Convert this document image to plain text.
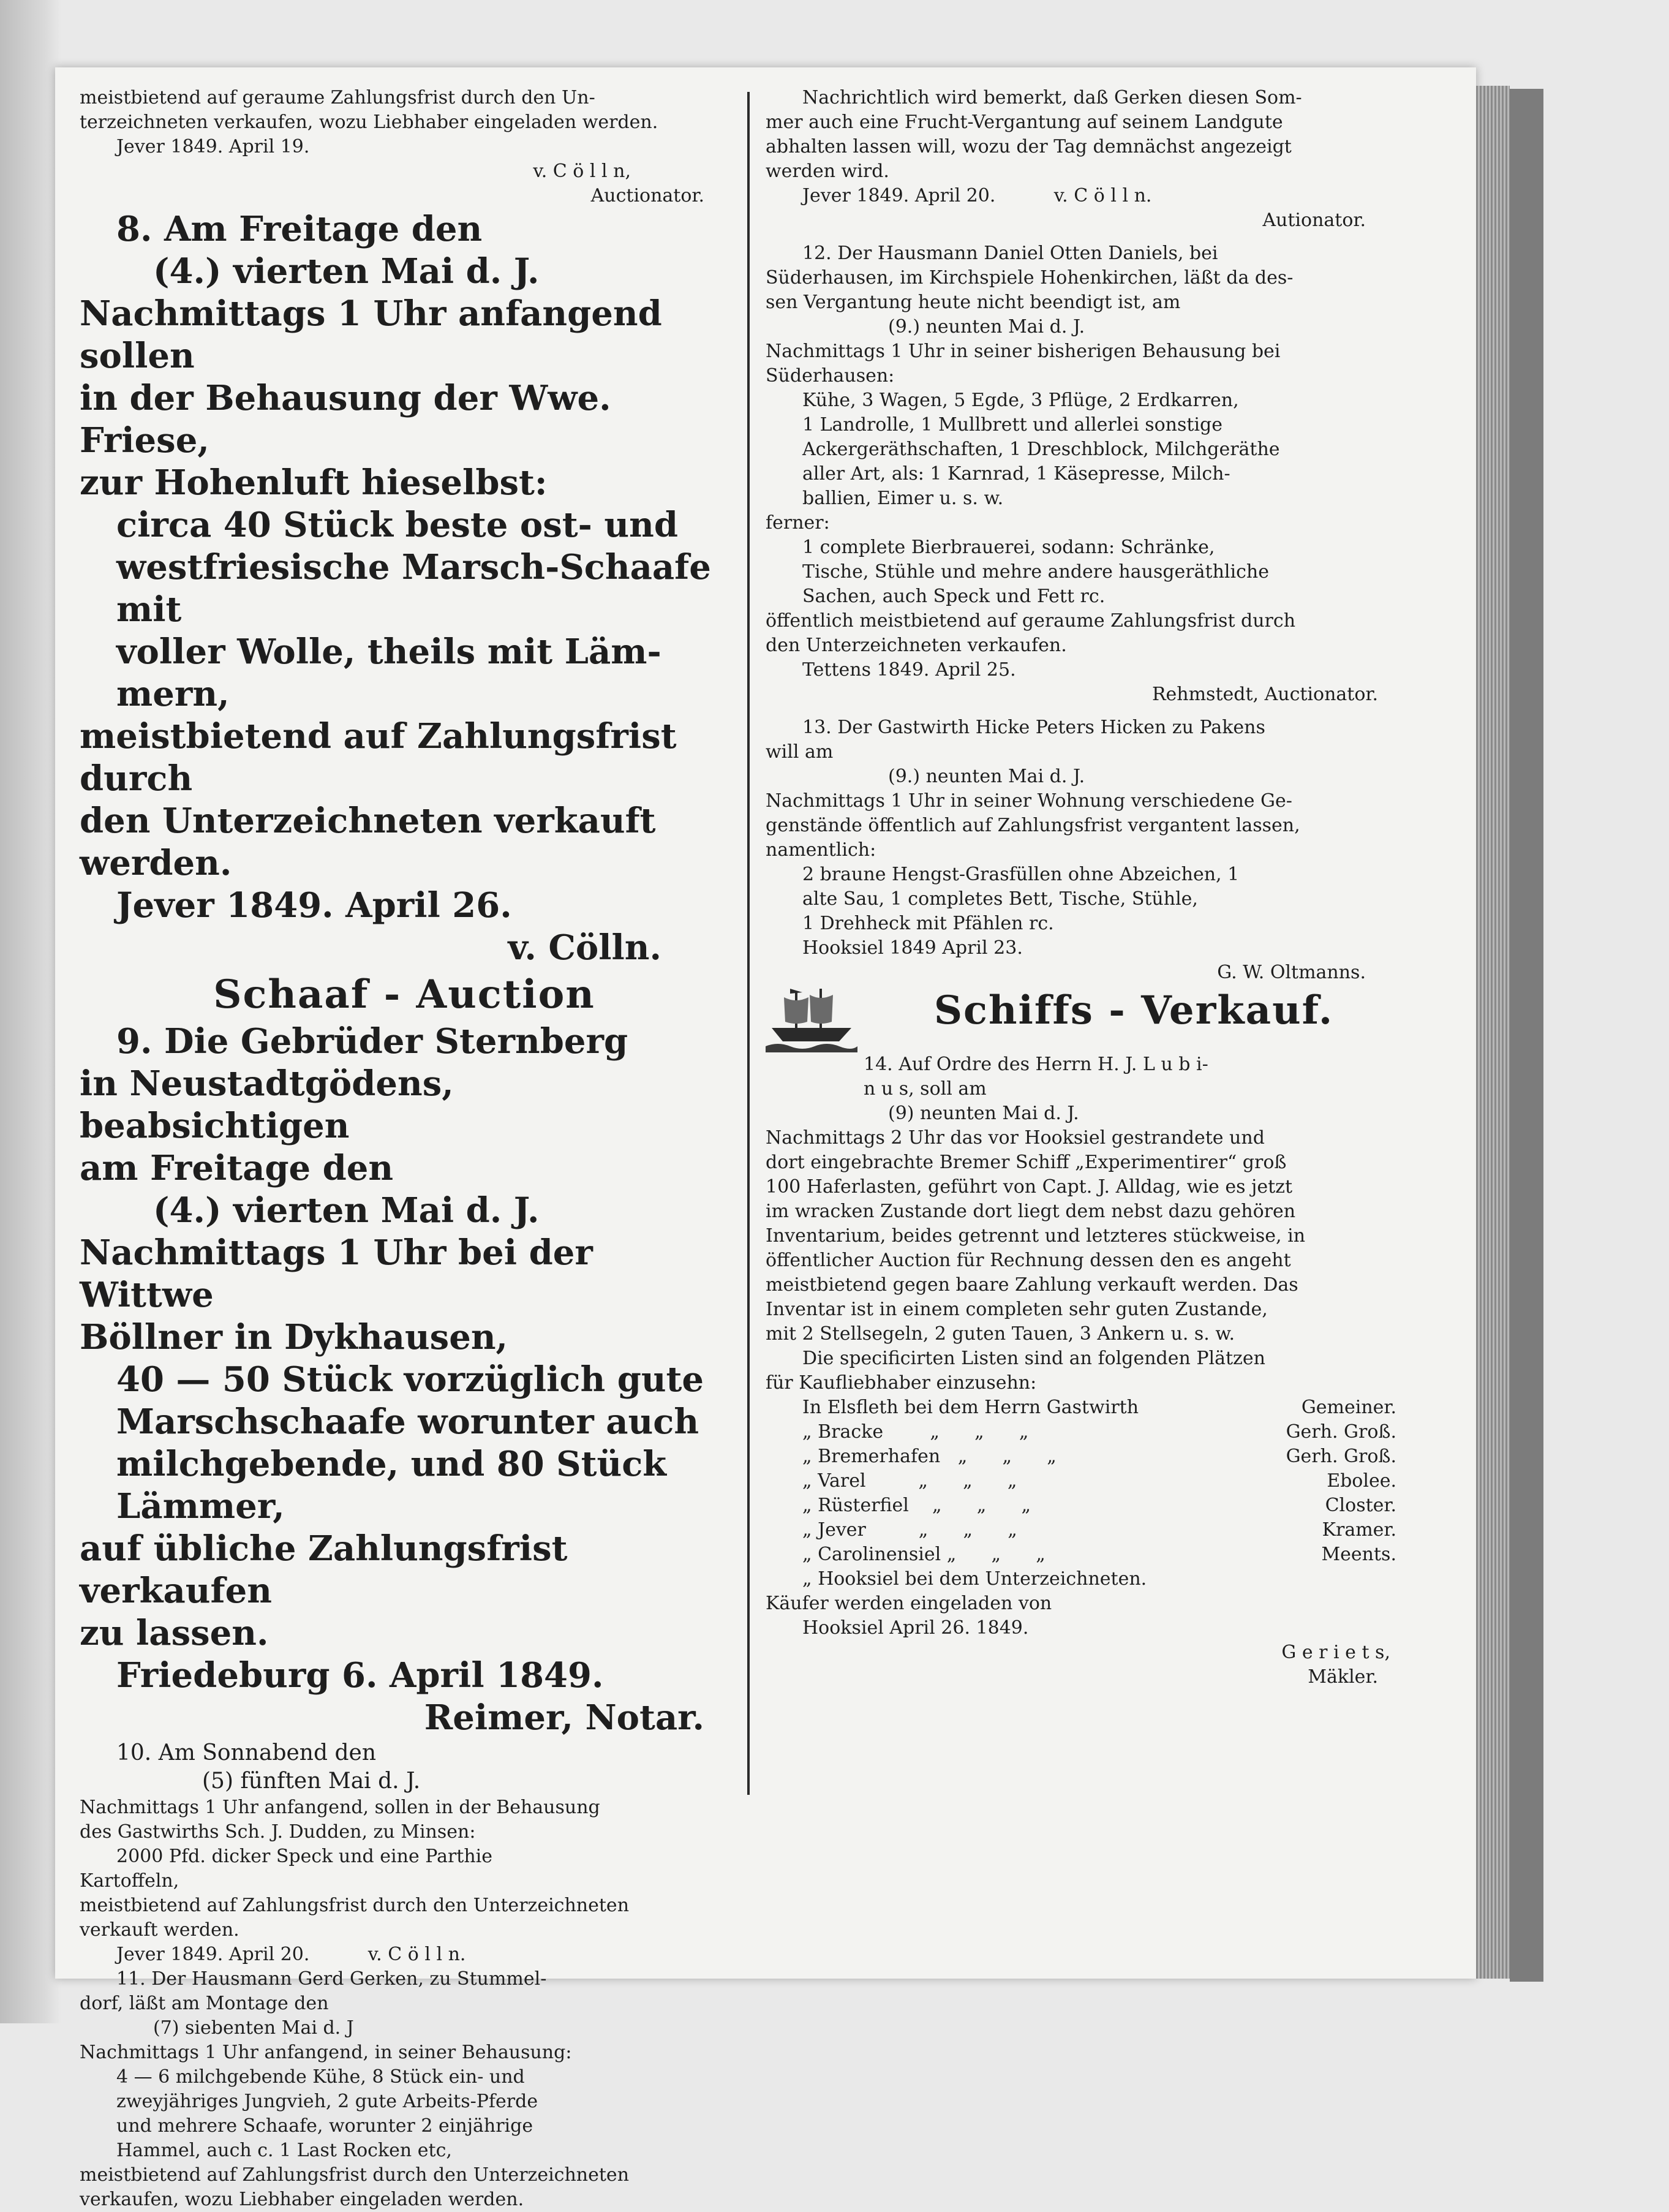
meistbietend auf geraume Zahlungsfrist durch den Un-

terzeichneten verkaufen, wozu Liebhaber eingeladen werden.

Jever 1849. April 19.

v. C ö l l n,

Auctionator.

8. Am Freitage den

(4.) vierten Mai d. J.

Nachmittags 1 Uhr anfangend sollen

in der Behausung der Wwe. Friese,

zur Hohenluft hieselbst:

circa 40 Stück beste ost- und

westfriesische Marsch-Schaafe mit

voller Wolle, theils mit Läm-

mern,

meistbietend auf Zahlungsfrist durch

den Unterzeichneten verkauft werden.

Jever 1849. April 26.

v. Cölln.

Schaaf - Auction

9. Die Gebrüder Sternberg

in Neustadtgödens, beabsichtigen

am Freitage den

(4.) vierten Mai d. J.

Nachmittags 1 Uhr bei der Wittwe

Böllner in Dykhausen,

40 — 50 Stück vorzüglich gute

Marschschaafe worunter auch

milchgebende, und 80 Stück

Lämmer,

auf übliche Zahlungsfrist verkaufen

zu lassen.

Friedeburg 6. April 1849.

Reimer, Notar.

10. Am Sonnabend den

(5) fünften Mai d. J.

Nachmittags 1 Uhr anfangend, sollen in der Behausung

des Gastwirths Sch. J. Dudden, zu Minsen:

2000 Pfd. dicker Speck und eine Parthie

Kartoffeln,

meistbietend auf Zahlungsfrist durch den Unterzeichneten

verkauft werden.

Jever 1849. April 20.          v. C ö l l n.

11. Der Hausmann Gerd Gerken, zu Stummel-

dorf, läßt am Montage den

(7) siebenten Mai d. J

Nachmittags 1 Uhr anfangend, in seiner Behausung:

4 — 6 milchgebende Kühe, 8 Stück ein- und

zweyjähriges Jungvieh, 2 gute Arbeits-Pferde

und mehrere Schaafe, worunter 2 einjährige

Hammel, auch c. 1 Last Rocken etc,

meistbietend auf Zahlungsfrist durch den Unterzeichneten

verkaufen, wozu Liebhaber eingeladen werden.

Nachrichtlich wird bemerkt, daß Gerken diesen Som-

mer auch eine Frucht-Vergantung auf seinem Landgute

abhalten lassen will, wozu der Tag demnächst angezeigt

werden wird.

Jever 1849. April 20.          v. C ö l l n.

Autionator.

12. Der Hausmann Daniel Otten Daniels, bei

Süderhausen, im Kirchspiele Hohenkirchen, läßt da des-

sen Vergantung heute nicht beendigt ist, am

(9.) neunten Mai d. J.

Nachmittags 1 Uhr in seiner bisherigen Behausung bei

Süderhausen:

Kühe, 3 Wagen, 5 Egde, 3 Pflüge, 2 Erdkarren,

1 Landrolle, 1 Mullbrett und allerlei sonstige

Ackergeräthschaften, 1 Dreschblock, Milchgeräthe

aller Art, als: 1 Karnrad, 1 Käsepresse, Milch-

ballien, Eimer u. s. w.

ferner:

1 complete Bierbrauerei, sodann: Schränke,

Tische, Stühle und mehre andere hausgeräthliche

Sachen, auch Speck und Fett rc.

öffentlich meistbietend auf geraume Zahlungsfrist durch

den Unterzeichneten verkaufen.

Tettens 1849. April 25.

Rehmstedt, Auctionator.

13. Der Gastwirth Hicke Peters Hicken zu Pakens

will am

(9.) neunten Mai d. J.

Nachmittags 1 Uhr in seiner Wohnung verschiedene Ge-

genstände öffentlich auf Zahlungsfrist vergantent lassen,

namentlich:

2 braune Hengst-Grasfüllen ohne Abzeichen, 1

alte Sau, 1 completes Bett, Tische, Stühle,

1 Drehheck mit Pfählen rc.

Hooksiel 1849 April 23.

G. W. Oltmanns.

Schiffs - Verkauf.

14. Auf Ordre des Herrn H. J. L u b i-

n u s, soll am

(9) neunten Mai d. J.

Nachmittags 2 Uhr das vor Hooksiel gestrandete und

dort eingebrachte Bremer Schiff „Experimentirer“ groß

100 Haferlasten, geführt von Capt. J. Alldag, wie es jetzt

im wracken Zustande dort liegt dem nebst dazu gehören

Inventarium, beides getrennt und letzteres stückweise, in

öffentlicher Auction für Rechnung dessen den es angeht

meistbietend gegen baare Zahlung verkauft werden. Das

Inventar ist in einem completen sehr guten Zustande,

mit 2 Stellsegeln, 2 guten Tauen, 3 Ankern u. s. w.

Die specificirten Listen sind an folgenden Plätzen

für Kaufliebhaber einzusehn:

In Elsfleth bei dem Herrn Gastwirth	Gemeiner.
„ Bracke        „      „      „	Gerh. Groß.
„ Bremerhafen   „      „      „	Gerh. Groß.
„ Varel         „      „      „	Ebolee.
„ Rüsterfiel    „      „      „	Closter.
„ Jever         „      „      „	Kramer.
„ Carolinensiel „      „      „	Meents.

„ Hooksiel bei dem Unterzeichneten.

Käufer werden eingeladen von

Hooksiel April 26. 1849.

G e r i e t s,

Mäkler.
